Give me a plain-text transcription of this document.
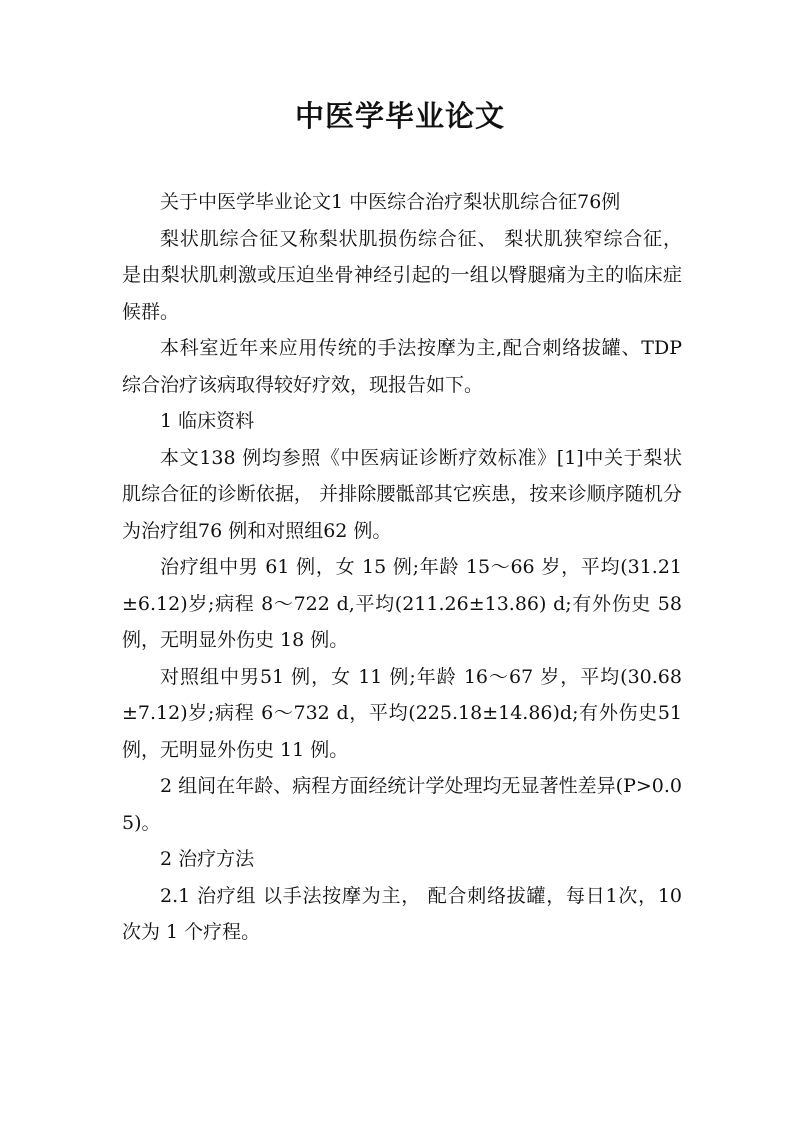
中医学毕业论文

关于中医学毕业论文1 中医综合治疗梨状肌综合征76例

梨状肌综合征又称梨状肌损伤综合征、 梨状肌狭窄综合征， 是由梨状肌刺激或压迫坐骨神经引起的一组以臀腿痛为主的临床症候群。

本科室近年来应用传统的手法按摩为主,配合刺络拔罐、TDP 综合治疗该病取得较好疗效，现报告如下。

1 临床资料

本文138 例均参照《中医病证诊断疗效标准》[1]中关于梨状肌综合征的诊断依据， 并排除腰骶部其它疾患，按来诊顺序随机分为治疗组76 例和对照组62 例。

治疗组中男 61 例，女 15 例;年龄 15～66 岁，平均(31.21±6.12)岁;病程 8～722 d,平均(211.26±13.86) d;有外伤史 58 例，无明显外伤史 18 例。

对照组中男51 例，女 11 例;年龄 16～67 岁，平均(30.68±7.12)岁;病程 6～732 d，平均(225.18±14.86)d;有外伤史51 例，无明显外伤史 11 例。

2 组间在年龄、病程方面经统计学处理均无显著性差异(P>0.05)。

2 治疗方法

2.1 治疗组 以手法按摩为主， 配合刺络拔罐，每日1次，10 次为 1 个疗程。
